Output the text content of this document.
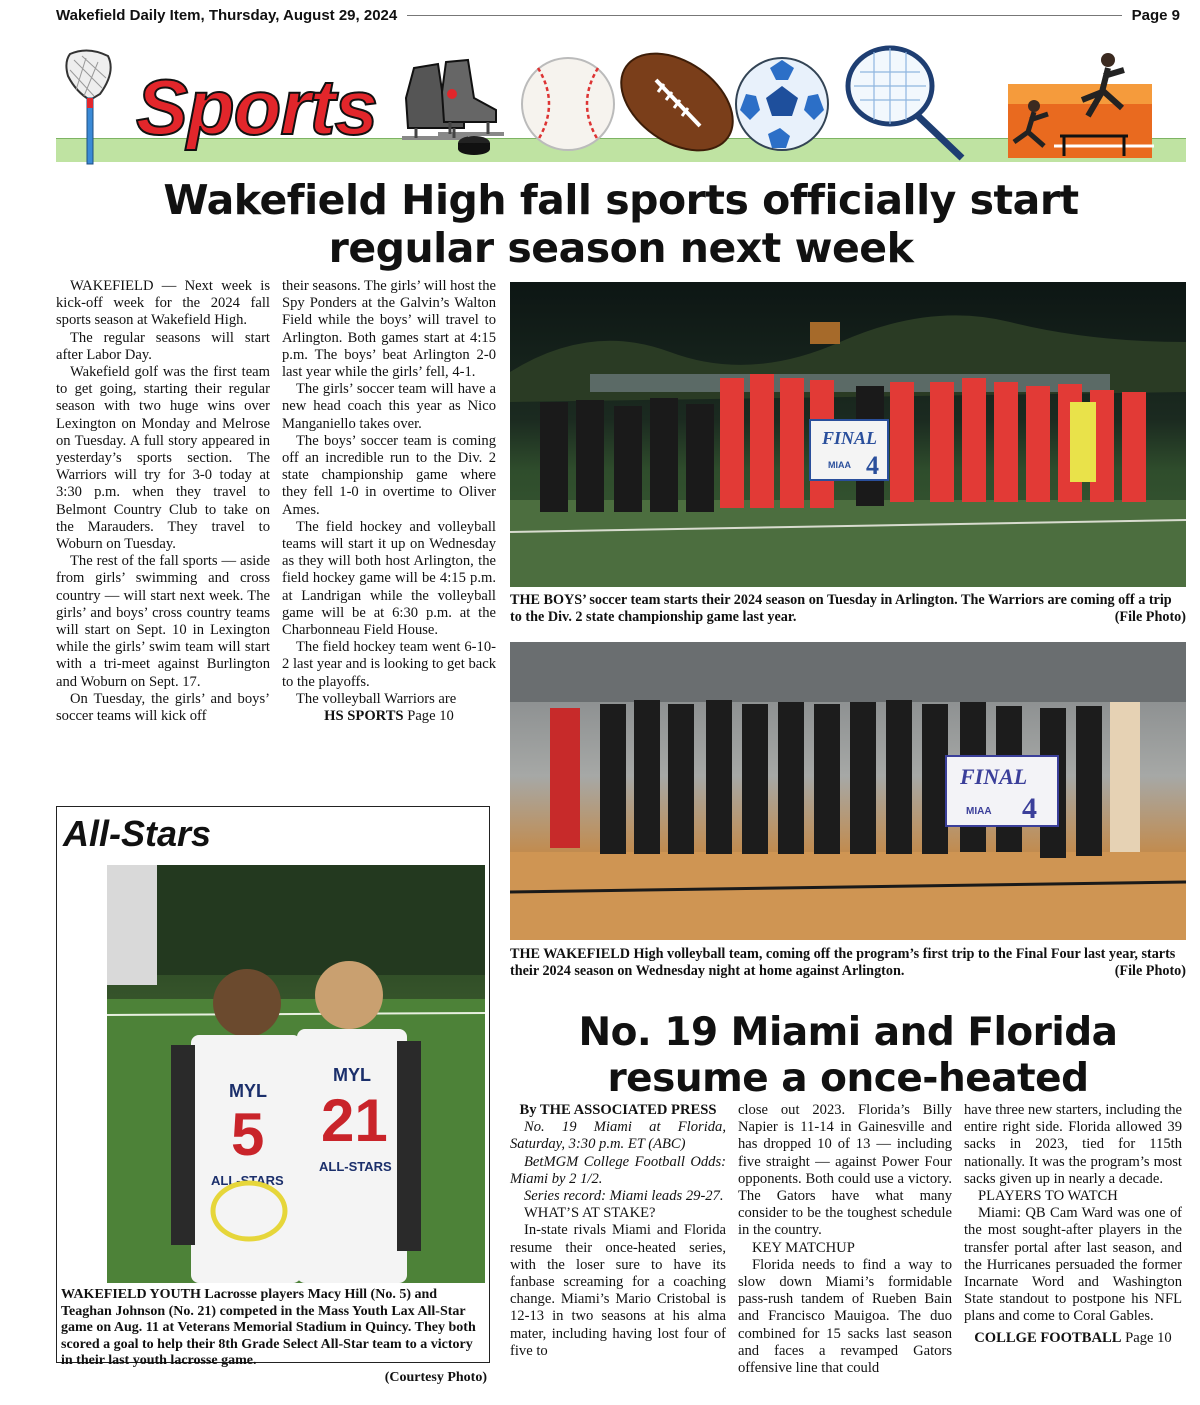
Wakefield Daily Item, Thursday, August 29, 2024	Page 9
Sports
Wakefield High fall sports officially start
regular season next week

WAKEFIELD — Next week is kick-off week for the 2024 fall sports season at Wakefield High.

The regular seasons will start after Labor Day.

Wakefield golf was the first team to get going, starting their regular season with two huge wins over Lexington on Monday and Melrose on Tuesday. A full story appeared in yesterday’s sports section. The Warriors will try for 3-0 today at 3:30 p.m. when they travel to Belmont Country Club to take on the Marauders. They travel to Woburn on Tuesday.

The rest of the fall sports — aside from girls’ swimming and cross country — will start next week. The girls’ and boys’ cross country teams will start on Sept. 10 in Lexington while the girls’ swim team will start with a tri-meet against Burlington and Woburn on Sept. 17.

On Tuesday, the girls’ and boys’ soccer teams will kick off

their seasons. The girls’ will host the Spy Ponders at the Galvin’s Walton Field while the boys’ will travel to Arlington. Both games start at 4:15 p.m. The boys’ beat Arlington 2-0 last year while the girls’ fell, 4-1.

The girls’ soccer team will have a new head coach this year as Nico Manganiello takes over.

The boys’ soccer team is coming off an incredible run to the Div. 2 state championship game where they fell 1-0 in overtime to Oliver Ames.

The field hockey and volleyball teams will start it up on Wednesday as they will both host Arlington, the field hockey game will be 4:15 p.m. at Landrigan while the volleyball game will be at 6:30 p.m. at the Charbonneau Field House.

The field hockey team went 6-10-2 last year and is looking to get back to the playoffs.

The volleyball Warriors are

HS SPORTS Page 10
FINAL
4
MIAA
THE BOYS’ soccer team starts their 2024 season on Tuesday in Arlington. The Warriors are coming off a trip to the Div. 2 state championship game last year.	(File Photo)
FINAL
4
MIAA
THE WAKEFIELD High volleyball team, coming off the program’s first trip to the Final Four last year, starts their 2024 season on Wednesday night at home against Arlington.	(File Photo)
All-Stars
MYL
5
ALL-STARS
MYL
21
ALL-STARS
WAKEFIELD YOUTH Lacrosse players Macy Hill (No. 5) and Teaghan Johnson (No. 21) competed in the Mass Youth Lax All-Star game on Aug. 11 at Veterans Memorial Stadium in Quincy. They both scored a goal to help their 8th Grade Select All-Star team to a victory in their last youth lacrosse game.
(Courtesy Photo)
No. 19 Miami and Florida
resume a once-heated
By THE ASSOCIATED PRESS

No. 19 Miami at Florida, Saturday, 3:30 p.m. ET (ABC)

BetMGM College Football Odds: Miami by 2 1/2.

Series record: Miami leads 29-27.

WHAT’S AT STAKE?

In-state rivals Miami and Florida resume their once-heated series, with the loser sure to have its fanbase screaming for a coaching change. Miami’s Mario Cristobal is 12-13 in two seasons at his alma mater, including having lost four of five to

close out 2023. Florida’s Billy Napier is 11-14 in Gainesville and has dropped 10 of 13 — including five straight — against Power Four opponents. Both could use a victory. The Gators have what many consider to be the toughest schedule in the country.

KEY MATCHUP

Florida needs to find a way to slow down Miami’s formidable pass-rush tandem of Rueben Bain and Francisco Mauigoa. The duo combined for 15 sacks last season and faces a revamped Gators offensive line that could

have three new starters, including the entire right side. Florida allowed 39 sacks in 2023, tied for 115th nationally. It was the program’s most sacks given up in nearly a decade.

PLAYERS TO WATCH

Miami: QB Cam Ward was one of the most sought-after players in the transfer portal after last season, and the Hurricanes persuaded the former Incarnate Word and Washington State standout to postpone his NFL plans and come to Coral Gables.

COLLGE FOOTBALL Page 10
